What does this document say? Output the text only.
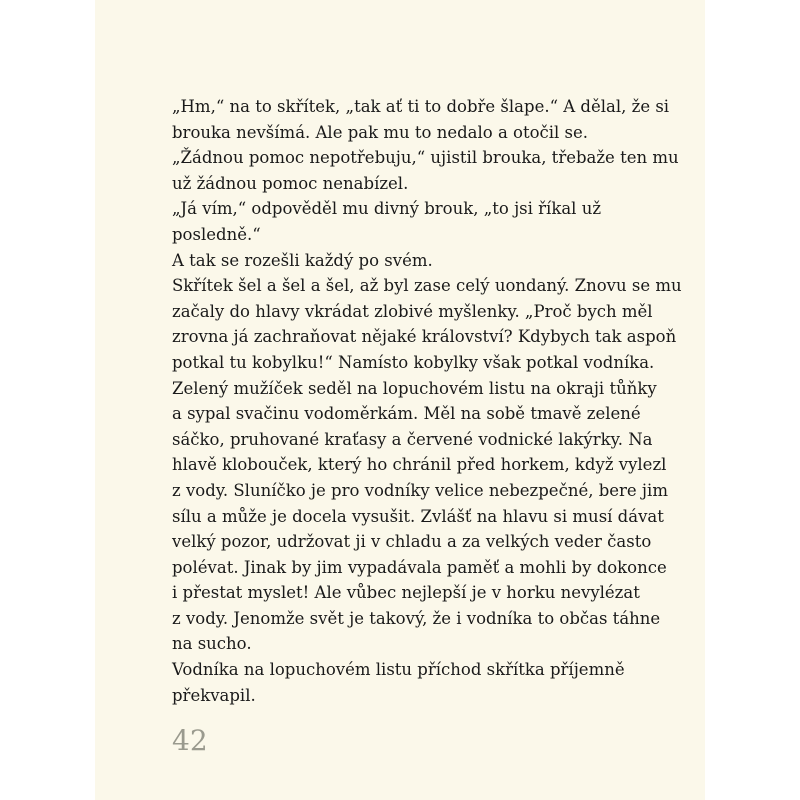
„Hm,“ na to skřítek, „tak ať ti to dobře šlape.“ A dělal, že si
brouka nevšímá. Ale pak mu to nedalo a otočil se.
„Žádnou pomoc nepotřebuju,“ ujistil brouka, třebaže ten mu
už žádnou pomoc nenabízel.
„Já vím,“ odpověděl mu divný brouk, „to jsi říkal už
posledně.“
A tak se rozešli každý po svém.
Skřítek šel a šel a šel, až byl zase celý uondaný. Znovu se mu
začaly do hlavy vkrádat zlobivé myšlenky. „Proč bych měl
zrovna já zachraňovat nějaké království? Kdybych tak aspoň
potkal tu kobylku!“ Namísto kobylky však potkal vodníka.
Zelený mužíček seděl na lopuchovém listu na okraji tůňky
a sypal svačinu vodoměrkám. Měl na sobě tmavě zelené
sáčko, pruhované kraťasy a červené vodnické lakýrky. Na
hlavě klobouček, který ho chránil před horkem, když vylezl
z vody. Sluníčko je pro vodníky velice nebezpečné, bere jim
sílu a může je docela vysušit. Zvlášť na hlavu si musí dávat
velký pozor, udržovat ji v chladu a za velkých veder často
polévat. Jinak by jim vypadávala paměť a mohli by dokonce
i přestat myslet! Ale vůbec nejlepší je v horku nevylézat
z vody. Jenomže svět je takový, že i vodníka to občas táhne
na sucho.
Vodníka na lopuchovém listu příchod skřítka příjemně
překvapil.
42
